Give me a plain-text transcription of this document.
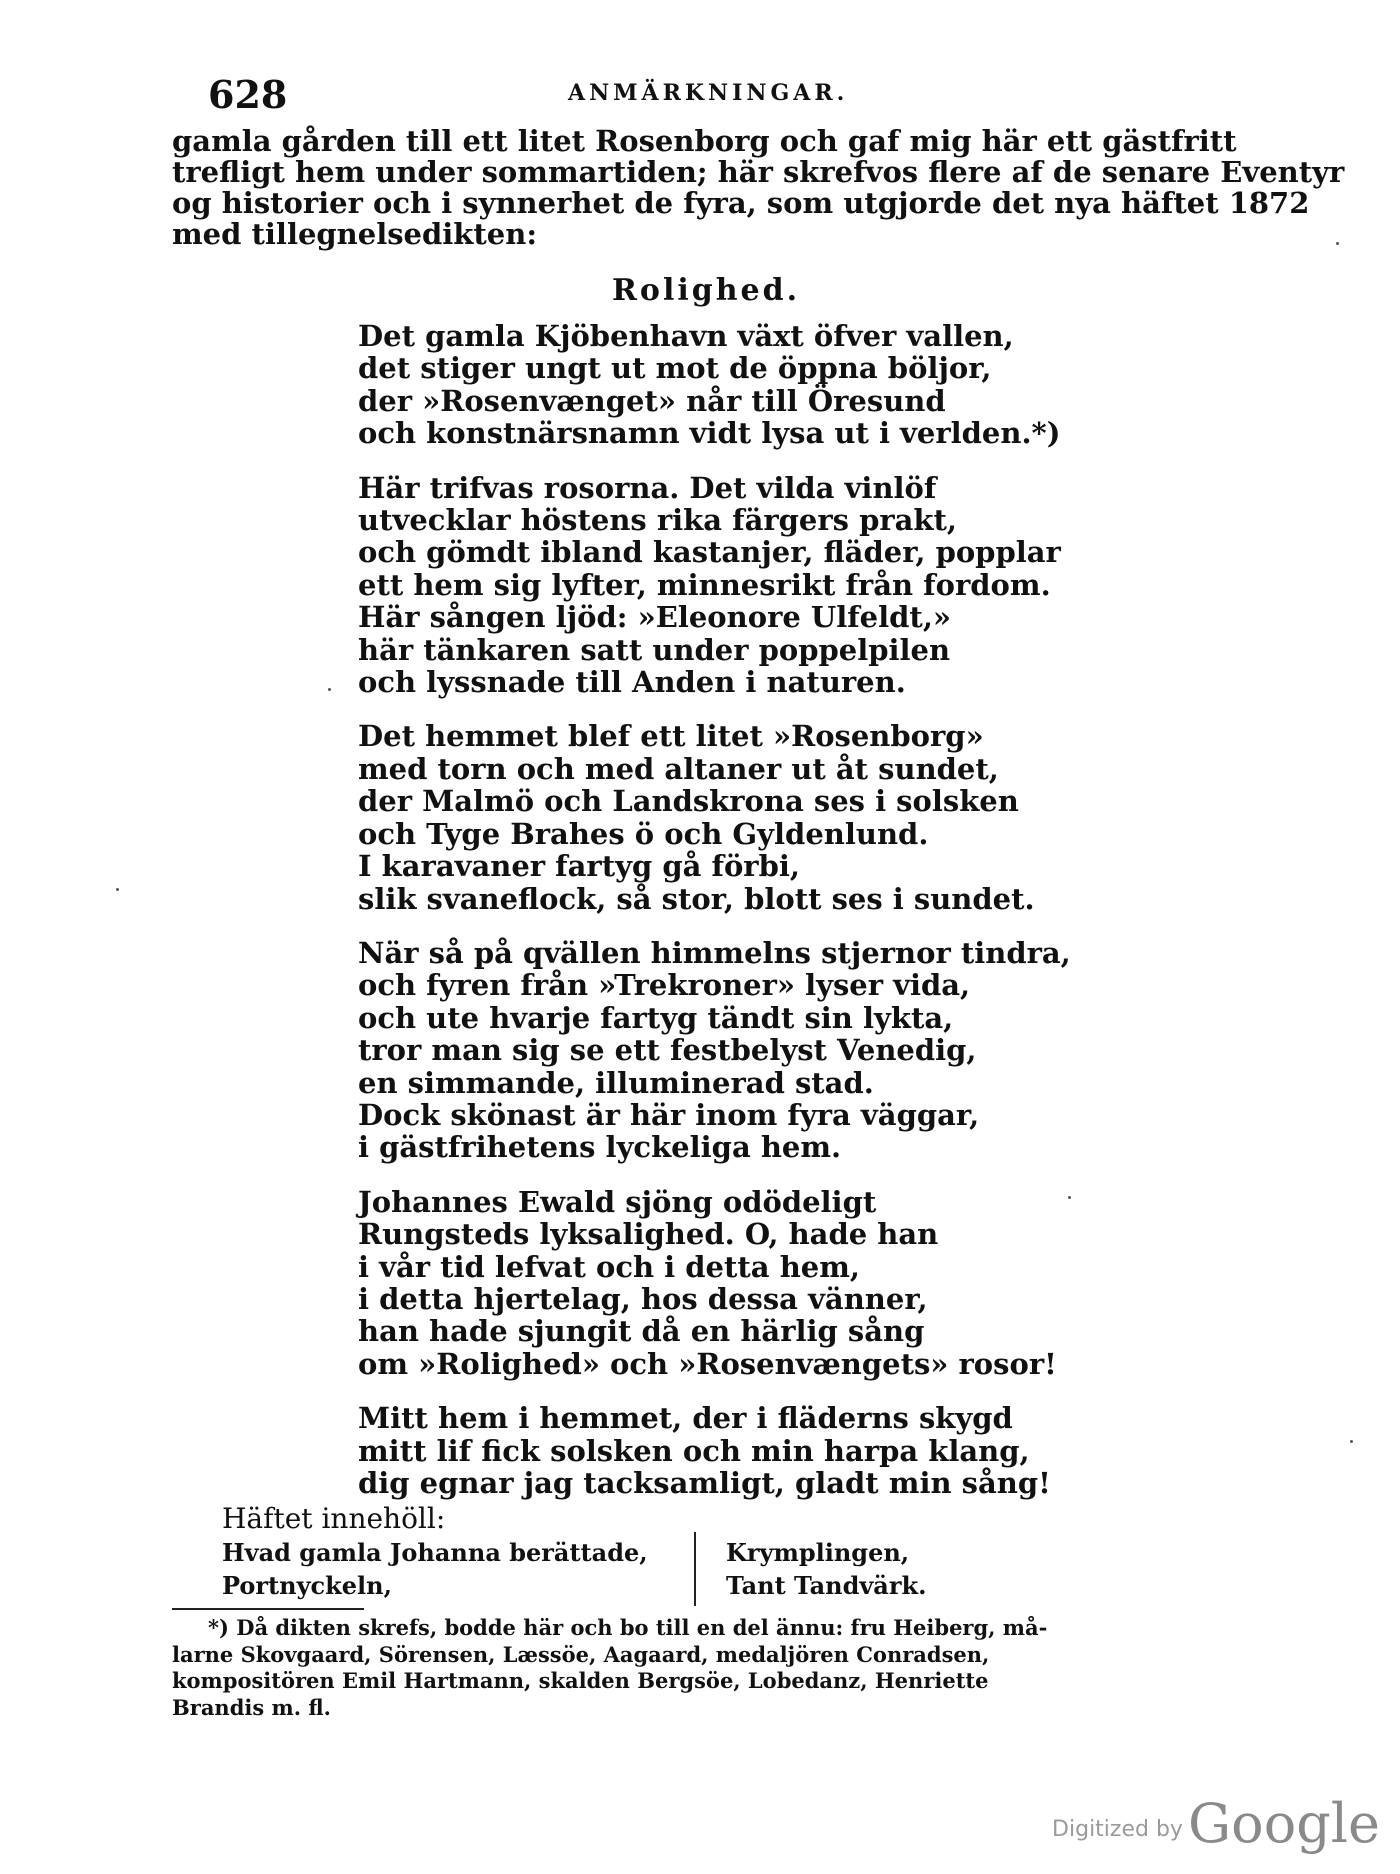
628	ANMÄRKNINGAR.
gamla gården till ett litet Rosenborg och gaf mig här ett gästfritt
trefligt hem under sommartiden; här skrefvos flere af de senare Eventyr
og historier och i synnerhet de fyra, som utgjorde det nya häftet 1872
med tillegnelsedikten:
Rolighed.
Det gamla Kjöbenhavn växt öfver vallen,
det stiger ungt ut mot de öppna böljor,
der »Rosenvænget» når till Öresund
och konstnärsnamn vidt lysa ut i verlden.*)
Här trifvas rosorna. Det vilda vinlöf
utvecklar höstens rika färgers prakt,
och gömdt ibland kastanjer, fläder, popplar
ett hem sig lyfter, minnesrikt från fordom.
Här sången ljöd: »Eleonore Ulfeldt,»
här tänkaren satt under poppelpilen
och lyssnade till Anden i naturen.
Det hemmet blef ett litet »Rosenborg»
med torn och med altaner ut åt sundet,
der Malmö och Landskrona ses i solsken
och Tyge Brahes ö och Gyldenlund.
I karavaner fartyg gå förbi,
slik svaneflock, så stor, blott ses i sundet.
När så på qvällen himmelns stjernor tindra,
och fyren från »Trekroner» lyser vida,
och ute hvarje fartyg tändt sin lykta,
tror man sig se ett festbelyst Venedig,
en simmande, illuminerad stad.
Dock skönast är här inom fyra väggar,
i gästfrihetens lyckeliga hem.
Johannes Ewald sjöng odödeligt
Rungsteds lyksalighed. O, hade han
i vår tid lefvat och i detta hem,
i detta hjertelag, hos dessa vänner,
han hade sjungit då en härlig sång
om »Rolighed» och »Rosenvængets» rosor!
Mitt hem i hemmet, der i fläderns skygd
mitt lif fick solsken och min harpa klang,
dig egnar jag tacksamligt, gladt min sång!
Häftet innehöll:
Hvad gamla Johanna berättade,
Portnyckeln,
Krymplingen,
Tant Tandvärk.
*) Då dikten skrefs, bodde här och bo till en del ännu: fru Heiberg, må-
larne Skovgaard, Sörensen, Læssöe, Aagaard, medaljören Conradsen,
kompositören Emil Hartmann, skalden Bergsöe, Lobedanz, Henriette
Brandis m. fl.
Digitized by Google
